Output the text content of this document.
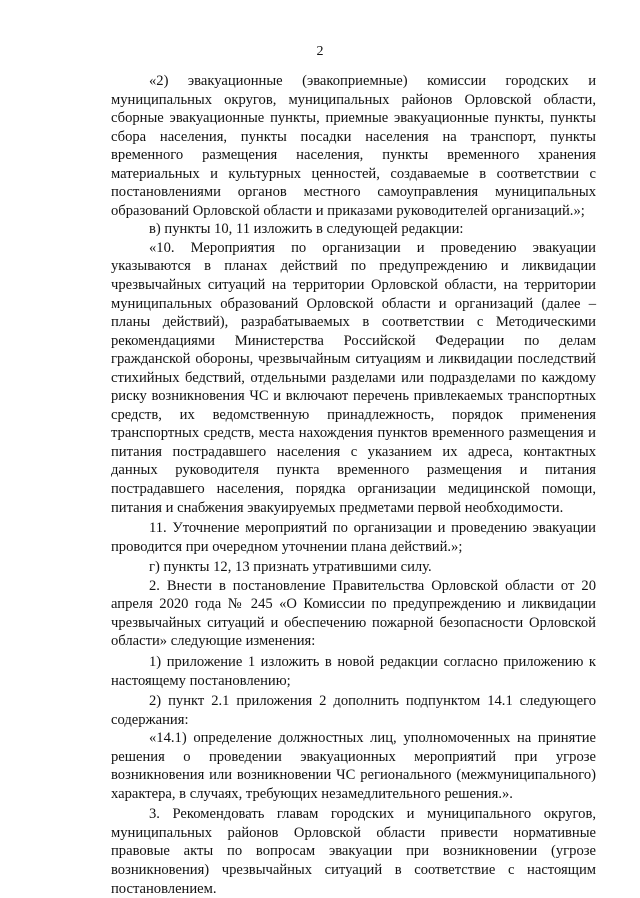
2

«2) эвакуационные (эвакоприемные) комиссии городских и муниципальных округов, муниципальных районов Орловской области, сборные эвакуационные пункты, приемные эвакуационные пункты, пункты сбора населения, пункты посадки населения на транспорт, пункты временного размещения населения, пункты временного хранения материальных и культурных ценностей, создаваемые в соответствии с постановлениями органов местного самоуправления муниципальных образований Орловской области и приказами руководителей организаций.»;

в) пункты 10, 11 изложить в следующей редакции:

«10. Мероприятия по организации и проведению эвакуации указываются в планах действий по предупреждению и ликвидации чрезвычайных ситуаций на территории Орловской области, на территории муниципальных образований Орловской области и организаций (далее – планы действий), разрабатываемых в соответствии с Методическими рекомендациями Министерства Российской Федерации по делам гражданской обороны, чрезвычайным ситуациям и ликвидации последствий стихийных бедствий, отдельными разделами или подразделами по каждому риску возникновения ЧС и включают перечень привлекаемых транспортных средств, их ведомственную принадлежность, порядок применения транспортных средств, места нахождения пунктов временного размещения и питания пострадавшего населения с указанием их адреса, контактных данных руководителя пункта временного размещения и питания пострадавшего населения, порядка организации медицинской помощи, питания и снабжения эвакуируемых предметами первой необходимости.

11. Уточнение мероприятий по организации и проведению эвакуации проводится при очередном уточнении плана действий.»;

г) пункты 12, 13 признать утратившими силу.

2. Внести в постановление Правительства Орловской области от 20 апреля 2020 года № 245 «О Комиссии по предупреждению и ликвидации чрезвычайных ситуаций и обеспечению пожарной безопасности Орловской области» следующие изменения:

1) приложение 1 изложить в новой редакции согласно приложению к настоящему постановлению;

2) пункт 2.1 приложения 2 дополнить подпунктом 14.1 следующего содержания:

«14.1) определение должностных лиц, уполномоченных на принятие решения о проведении эвакуационных мероприятий при угрозе возникновения или возникновении ЧС регионального (межмуниципального) характера, в случаях, требующих незамедлительного решения.».

3. Рекомендовать главам городских и муниципального округов, муниципальных районов Орловской области привести нормативные правовые акты по вопросам эвакуации при возникновении (угрозе возникновения) чрезвычайных ситуаций в соответствие с настоящим постановлением.
